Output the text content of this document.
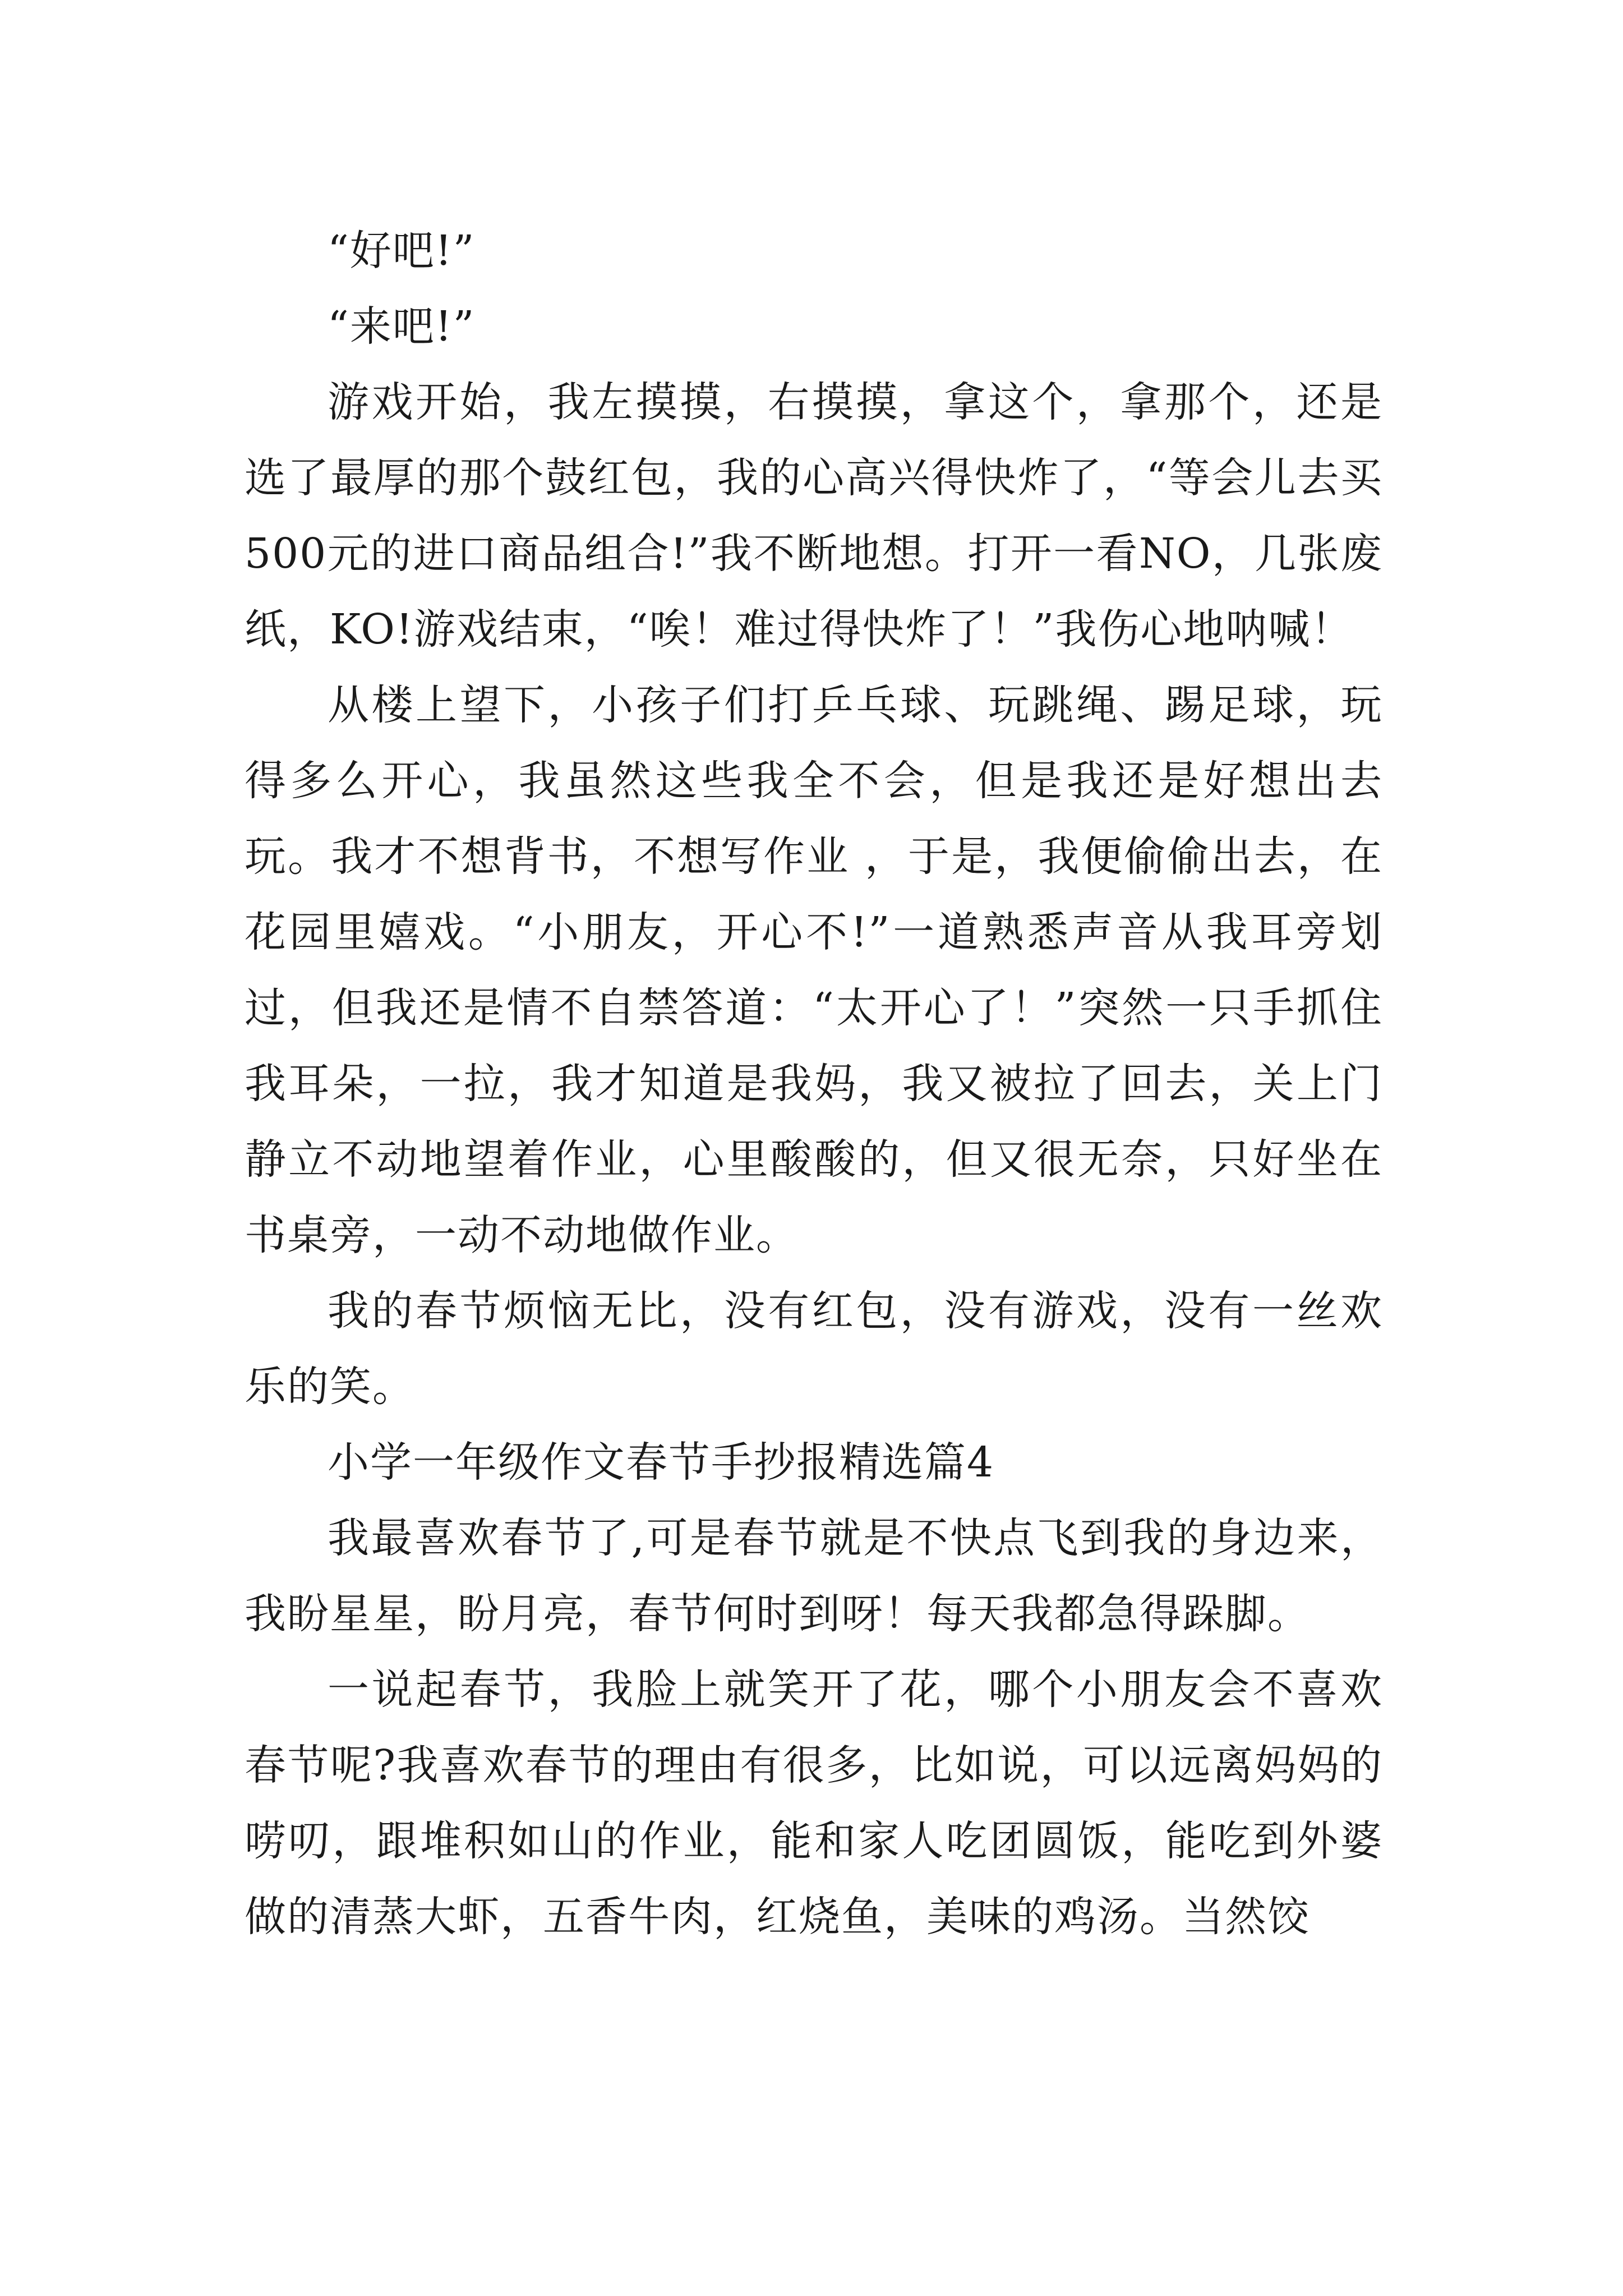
“好吧!”

“来吧!”

游戏开始，我左摸摸，右摸摸，拿这个，拿那个，还是选了最厚的那个鼓红包，我的心高兴得快炸了，“等会儿去买500元的进口商品组合!”我不断地想。打开一看NO，几张废纸，KO!游戏结束，“唉！难过得快炸了！”我伤心地呐喊！

从楼上望下，小孩子们打乒乓球、玩跳绳、踢足球，玩得多么开心，我虽然这些我全不会，但是我还是好想出去玩。我才不想背书，不想写作业 ，于是，我便偷偷出去，在花园里嬉戏。“小朋友，开心不!”一道熟悉声音从我耳旁划过，但我还是情不自禁答道：“太开心了！”突然一只手抓住我耳朵，一拉，我才知道是我妈，我又被拉了回去，关上门静立不动地望着作业，心里酸酸的，但又很无奈，只好坐在书桌旁，一动不动地做作业。

我的春节烦恼无比，没有红包，没有游戏，没有一丝欢乐的笑。

小学一年级作文春节手抄报精选篇4

我最喜欢春节了,可是春节就是不快点飞到我的身边来，我盼星星，盼月亮，春节何时到呀！每天我都急得跺脚。

一说起春节，我脸上就笑开了花，哪个小朋友会不喜欢春节呢?我喜欢春节的理由有很多，比如说，可以远离妈妈的唠叨，跟堆积如山的作业，能和家人吃团圆饭，能吃到外婆做的清蒸大虾，五香牛肉，红烧鱼，美味的鸡汤。当然饺
